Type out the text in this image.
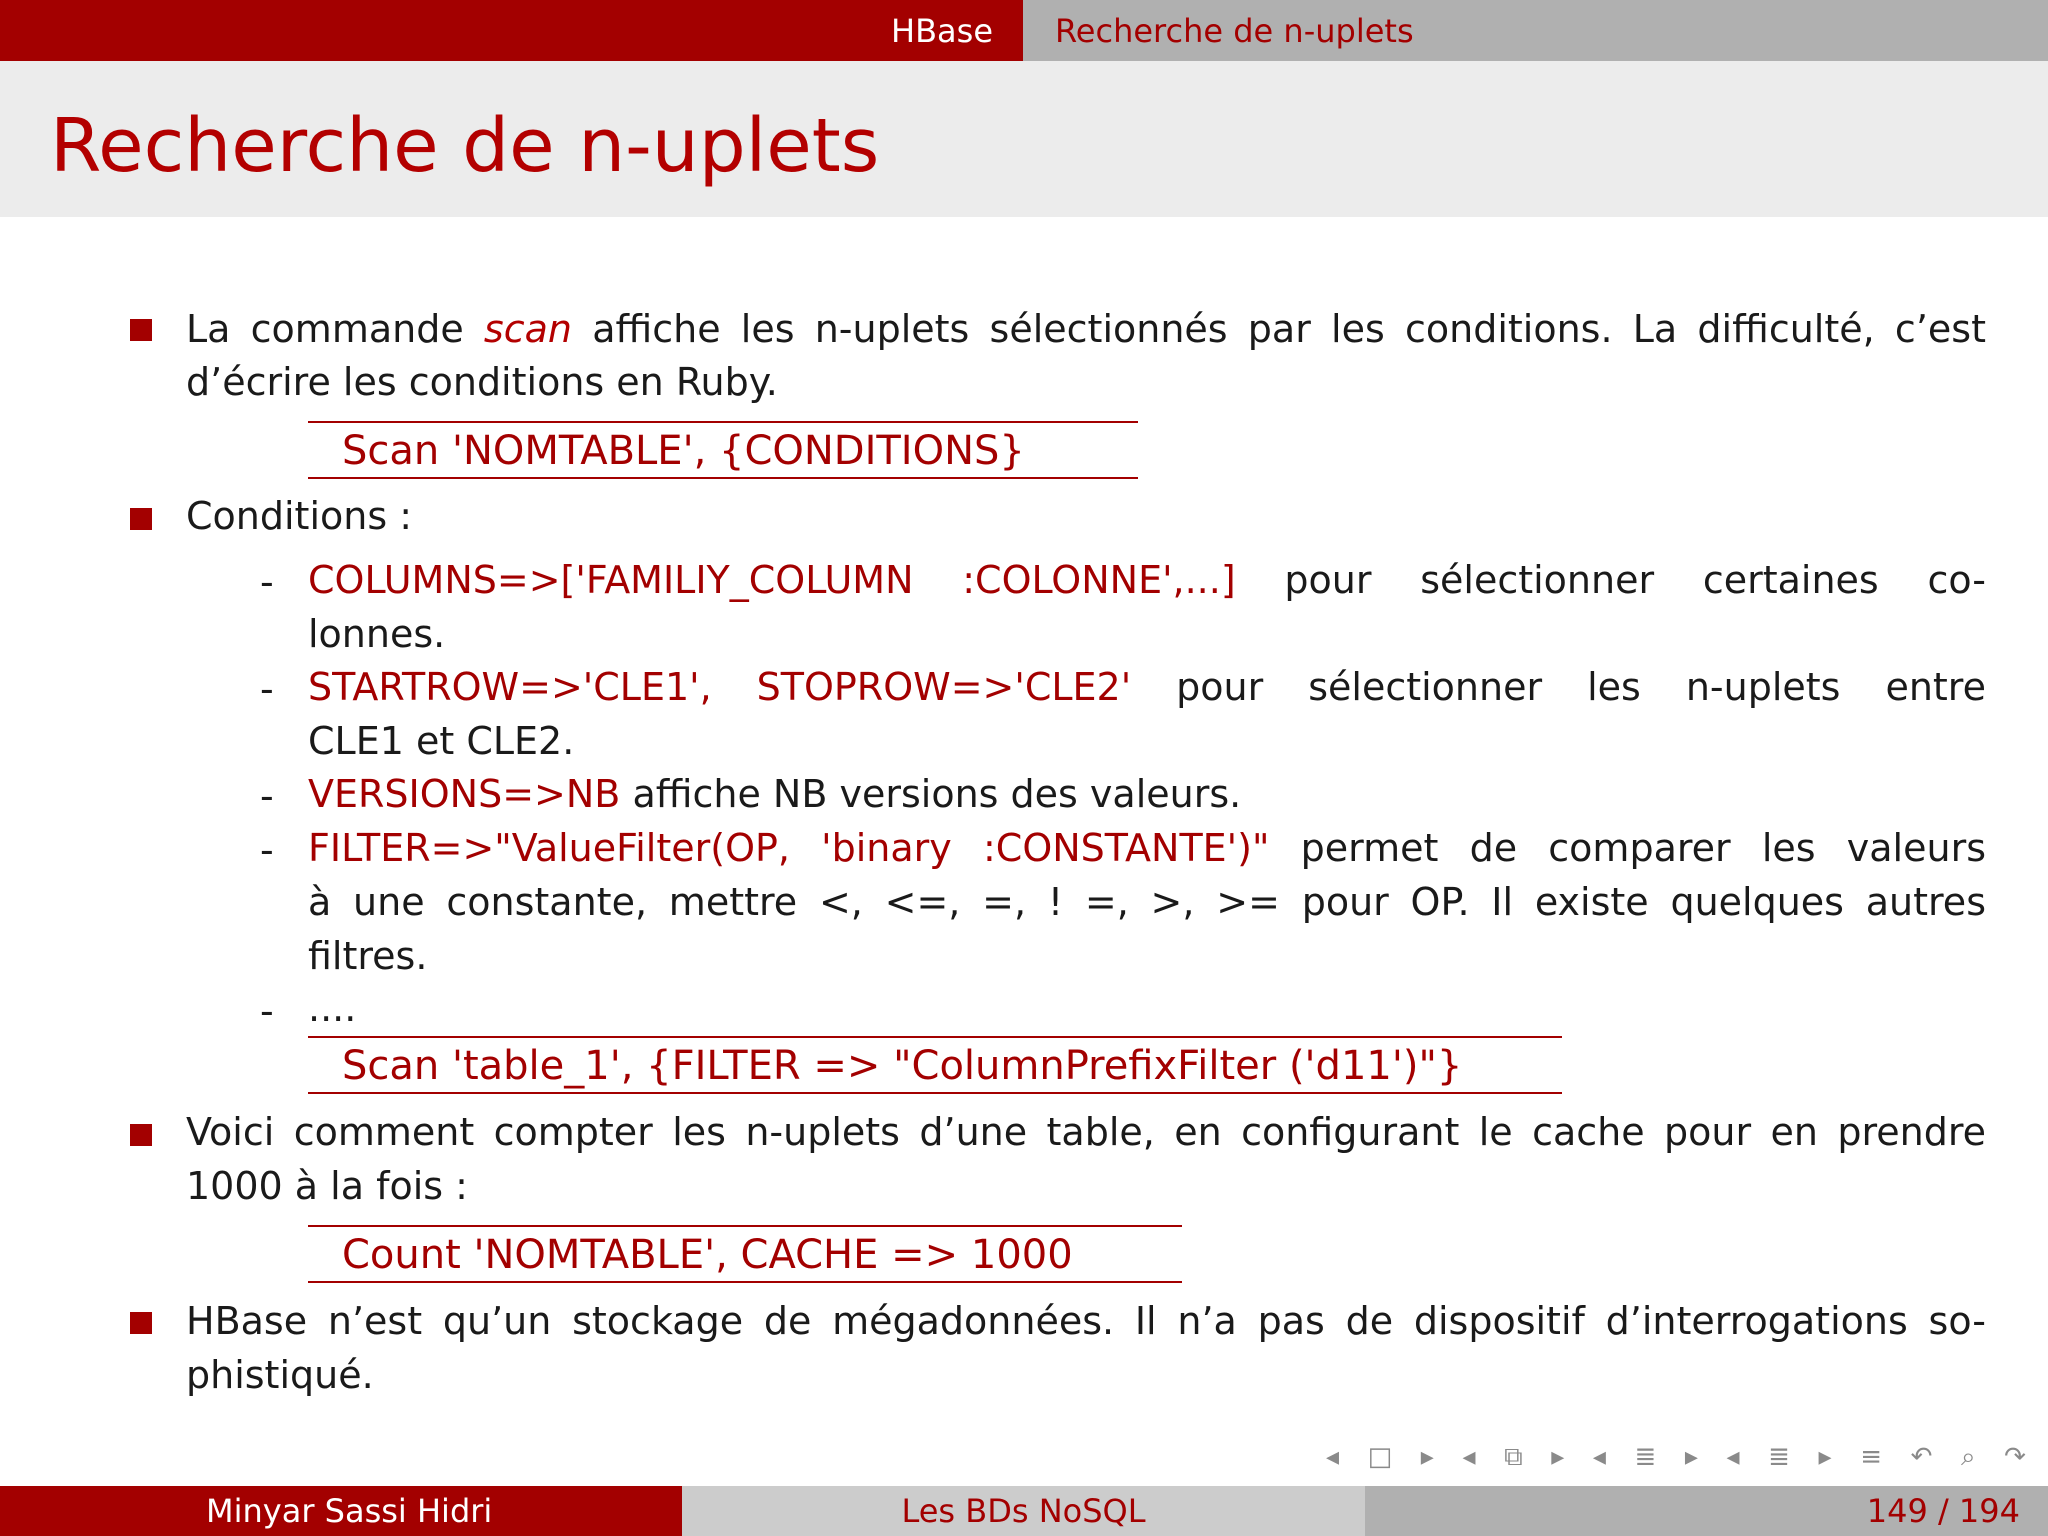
HBase Recherche de n-uplets
Recherche de n-uplets
La commande scan affiche les n-uplets sélectionnés par les conditions. La difficulté, c’est
d’écrire les conditions en Ruby.
Scan 'NOMTABLE', {CONDITIONS}
Conditions :
- COLUMNS=>['FAMILIY_COLUMN :COLONNE',...] pour sélectionner certaines co-
lonnes.
- STARTROW=>'CLE1', STOPROW=>'CLE2' pour sélectionner les n-uplets entre
CLE1 et CLE2.
- VERSIONS=>NB affiche NB versions des valeurs.
- FILTER=>"ValueFilter(OP, 'binary :CONSTANTE')" permet de comparer les valeurs
à une constante, mettre <, <=, =, ! =, >, >= pour OP. Il existe quelques autres
filtres.
- ....
Scan 'table_1', {FILTER => "ColumnPrefixFilter ('d11')"}
Voici comment compter les n-uplets d’une table, en configurant le cache pour en prendre
1000 à la fois :
Count 'NOMTABLE', CACHE => 1000
HBase n’est qu’un stockage de mégadonnées. Il n’a pas de dispositif d’interrogations so-
phistiqué.
◂ □ ▸ ◂ ⧉ ▸ ◂ ≣ ▸ ◂ ≣ ▸ ≡ ↶ ⌕ ↷
Minyar Sassi Hidri	Les BDs NoSQL	149 / 194
